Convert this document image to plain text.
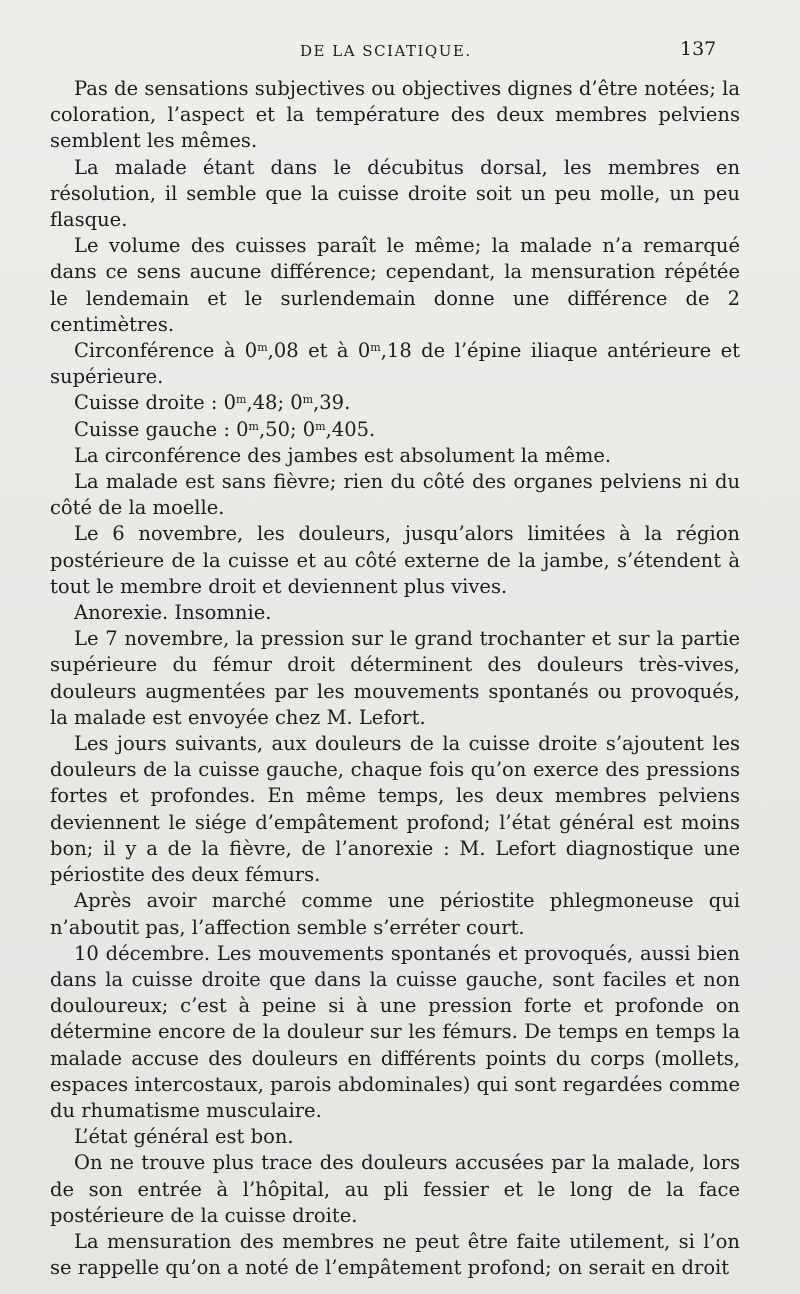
DE LA SCIATIQUE.	137

Pas de sensations subjectives ou objectives dignes d’être notées; la coloration, l’aspect et la température des deux membres pelviens semblent les mêmes.

La malade étant dans le décubitus dorsal, les membres en résolution, il semble que la cuisse droite soit un peu molle, un peu flasque.

Le volume des cuisses paraît le même; la malade n’a remarqué dans ce sens aucune différence; cependant, la mensuration répétée le lendemain et le surlendemain donne une différence de 2 centimètres.

Circonférence à 0$^m$,08 et à 0$^m$,18 de l’épine iliaque antérieure et supérieure.

Cuisse droite : 0$^m$,48; 0$^m$,39.

Cuisse gauche : 0$^m$,50; 0$^m$,405.

La circonférence des jambes est absolument la même.

La malade est sans fièvre; rien du côté des organes pelviens ni du côté de la moelle.

Le 6 novembre, les douleurs, jusqu’alors limitées à la région postérieure de la cuisse et au côté externe de la jambe, s’étendent à tout le membre droit et deviennent plus vives.

Anorexie. Insomnie.

Le 7 novembre, la pression sur le grand trochanter et sur la partie supérieure du fémur droit déterminent des douleurs très-vives, douleurs augmentées par les mouvements spontanés ou provoqués, la malade est envoyée chez M. Lefort.

Les jours suivants, aux douleurs de la cuisse droite s’ajoutent les douleurs de la cuisse gauche, chaque fois qu’on exerce des pressions fortes et profondes. En même temps, les deux membres pelviens deviennent le siége d’empâtement profond; l’état général est moins bon; il y a de la fièvre, de l’anorexie : M. Lefort diagnostique une périostite des deux fémurs.

Après avoir marché comme une périostite phlegmoneuse qui n’aboutit pas, l’affection semble s’erréter court.

10 décembre. Les mouvements spontanés et provoqués, aussi bien dans la cuisse droite que dans la cuisse gauche, sont faciles et non douloureux; c’est à peine si à une pression forte et profonde on détermine encore de la douleur sur les fémurs. De temps en temps la malade accuse des douleurs en différents points du corps (mollets, espaces intercostaux, parois abdominales) qui sont regardées comme du rhumatisme musculaire.

L’état général est bon.

On ne trouve plus trace des douleurs accusées par la malade, lors de son entrée à l’hôpital, au pli fessier et le long de la face postérieure de la cuisse droite.

La mensuration des membres ne peut être faite utilement, si l’on se rappelle qu’on a noté de l’empâtement profond; on serait en droit
